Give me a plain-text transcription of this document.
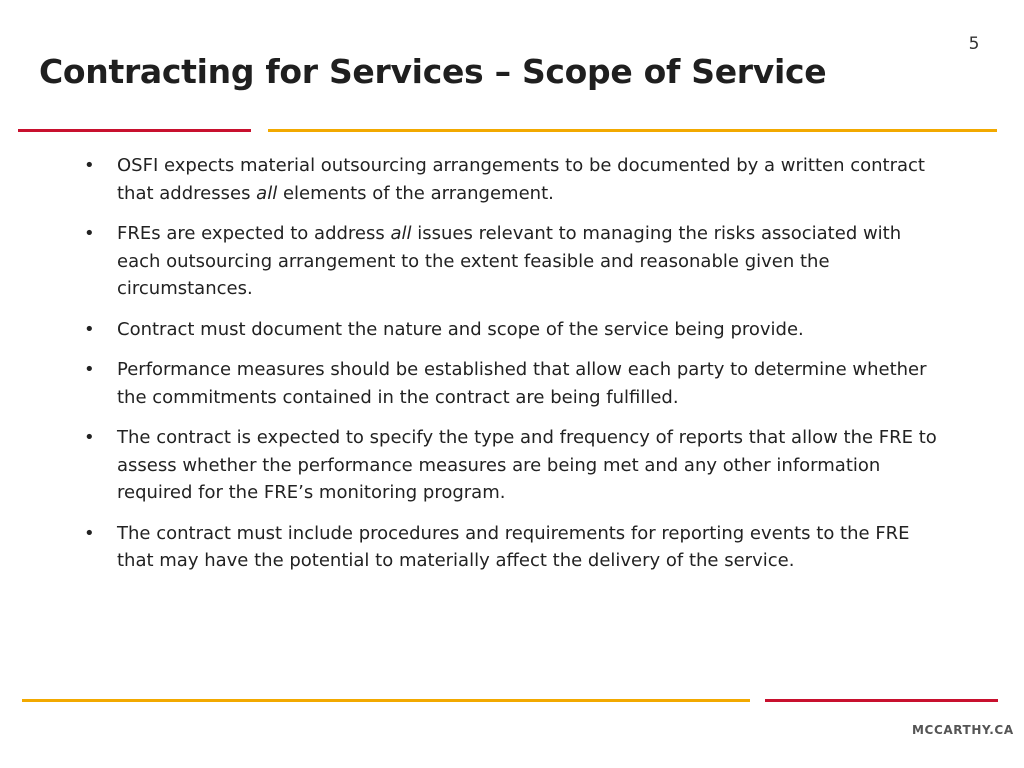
5
Contracting for Services – Scope of Service
• OSFI expects material outsourcing arrangements to be documented by a written contract that addresses all elements of the arrangement.
• FREs are expected to address all issues relevant to managing the risks associated with each outsourcing arrangement to the extent feasible and reasonable given the circumstances.
• Contract must document the nature and scope of the service being provide.
• Performance measures should be established that allow each party to determine whether the commitments contained in the contract are being fulfilled.
• The contract is expected to specify the type and frequency of reports that allow the FRE to assess whether the performance measures are being met and any other information required for the FRE’s monitoring program.
• The contract must include procedures and requirements for reporting events to the FRE that may have the potential to materially affect the delivery of the service.
MCCARTHY.CA
